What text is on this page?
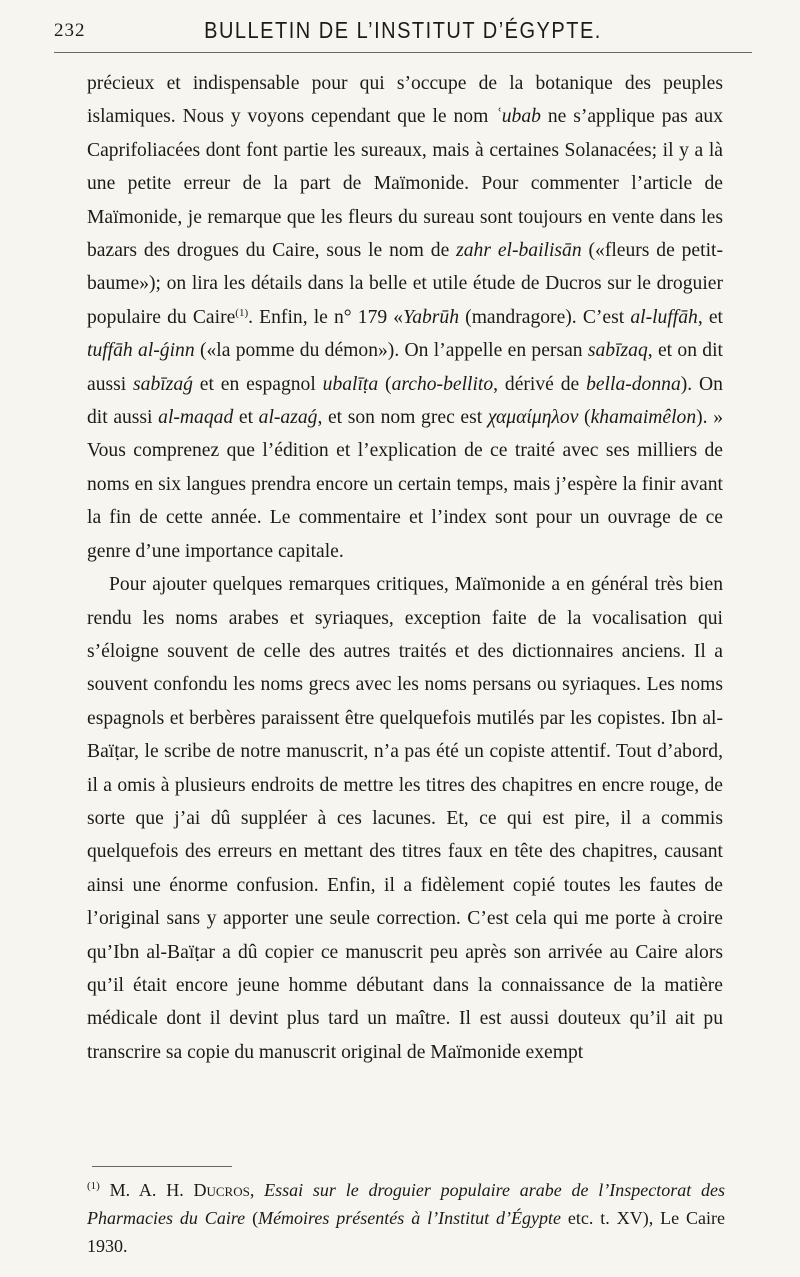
232	BULLETIN DE L’INSTITUT D’ÉGYPTE.

précieux et indispensable pour qui s’occupe de la botanique des peuples islamiques. Nous y voyons cependant que le nom ʿubab ne s’applique pas aux Caprifoliacées dont font partie les sureaux, mais à certaines Solanacées; il y a là une petite erreur de la part de Maïmonide. Pour commenter l’article de Maïmonide, je remarque que les fleurs du sureau sont toujours en vente dans les bazars des drogues du Caire, sous le nom de zahr el-bailisān («fleurs de petit-baume»); on lira les détails dans la belle et utile étude de Ducros sur le droguier populaire du Caire$^{(1)}$. Enfin, le n° 179 «Yabrūh (mandragore). C’est al-luffāh, et tuffāh al-ǵinn («la pomme du démon»). On l’appelle en persan sabīzaq, et on dit aussi sabīzaǵ et en espagnol ubalīṭa (archo-bellito, dérivé de bella-donna). On dit aussi al-maqad et al-azaǵ, et son nom grec est χαμαίμηλον (khamaimêlon). » Vous comprenez que l’édition et l’explication de ce traité avec ses milliers de noms en six langues prendra encore un certain temps, mais j’espère la finir avant la fin de cette année. Le commentaire et l’index sont pour un ouvrage de ce genre d’une importance capitale.

Pour ajouter quelques remarques critiques, Maïmonide a en général très bien rendu les noms arabes et syriaques, exception faite de la vocalisation qui s’éloigne souvent de celle des autres traités et des dictionnaires anciens. Il a souvent confondu les noms grecs avec les noms persans ou syriaques. Les noms espagnols et berbères paraissent être quelquefois mutilés par les copistes. Ibn al-Baïṭar, le scribe de notre manuscrit, n’a pas été un copiste attentif. Tout d’abord, il a omis à plusieurs endroits de mettre les titres des chapitres en encre rouge, de sorte que j’ai dû suppléer à ces lacunes. Et, ce qui est pire, il a commis quelquefois des erreurs en mettant des titres faux en tête des chapitres, causant ainsi une énorme confusion. Enfin, il a fidèlement copié toutes les fautes de l’original sans y apporter une seule correction. C’est cela qui me porte à croire qu’Ibn al-Baïṭar a dû copier ce manuscrit peu après son arrivée au Caire alors qu’il était encore jeune homme débutant dans la connaissance de la matière médicale dont il devint plus tard un maître. Il est aussi douteux qu’il ait pu transcrire sa copie du manuscrit original de Maïmonide exempt

$^{(1)}$ M. A. H. Ducros, Essai sur le droguier populaire arabe de l’Inspectorat des Pharmacies du Caire (Mémoires présentés à l’Institut d’Égypte etc. t. XV), Le Caire 1930.
